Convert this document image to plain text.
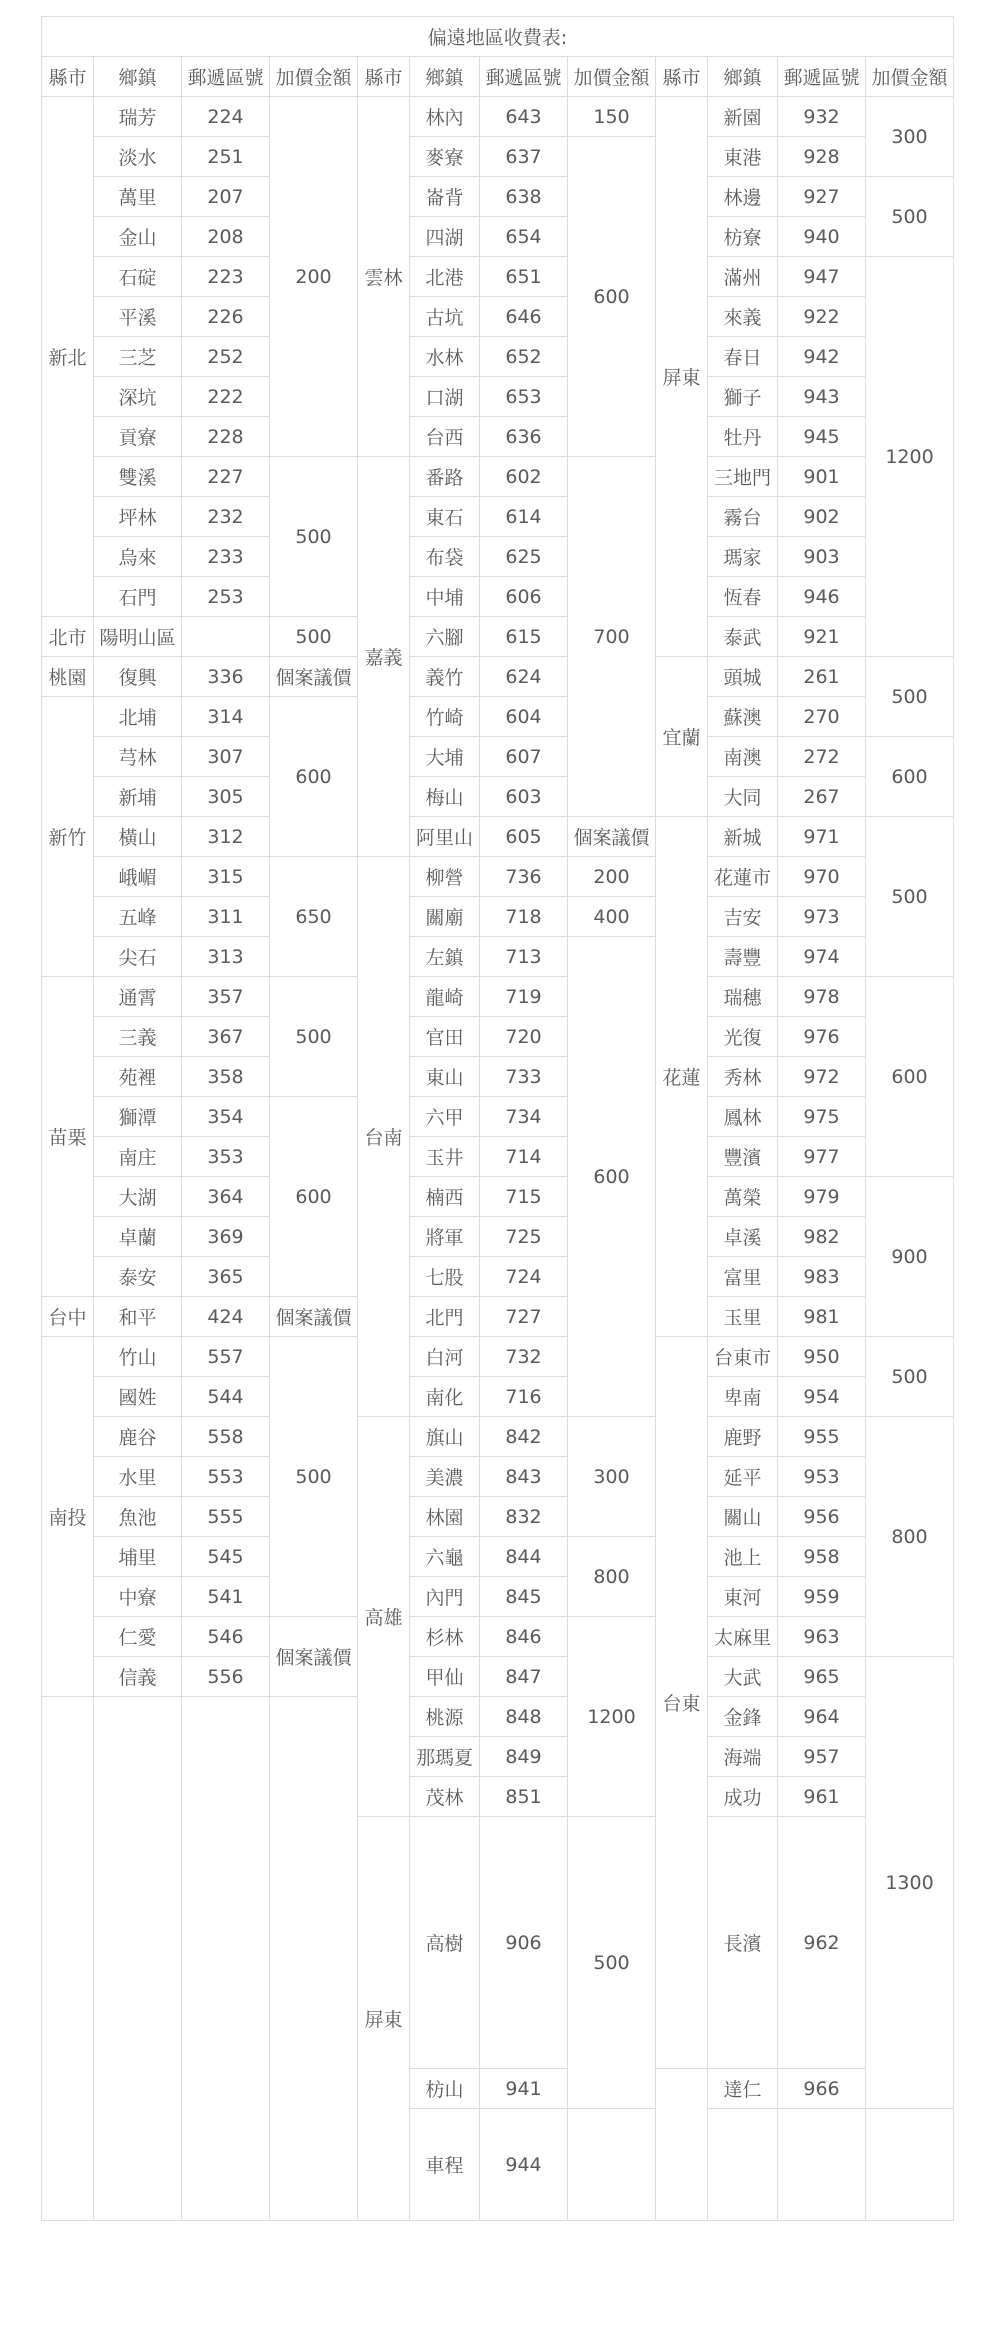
偏遠地區收費表:											
縣市	鄉鎮	郵遞區號	加價金額	縣市	鄉鎮	郵遞區號	加價金額	縣市	鄉鎮	郵遞區號	加價金額
新北	瑞芳	224	200	雲林	林內	643	150	屏東	新園	932	300
	淡水	251			麥寮	637	600		東港	928	
	萬里	207			崙背	638			林邊	927	500
	金山	208			四湖	654			枋寮	940	
	石碇	223			北港	651			滿州	947	1200
	平溪	226			古坑	646			來義	922	
	三芝	252			水林	652			春日	942	
	深坑	222			口湖	653			獅子	943	
	貢寮	228			台西	636			牡丹	945	
	雙溪	227	500	嘉義	番路	602	700		三地門	901	
	坪林	232			東石	614			霧台	902	
	烏來	233			布袋	625			瑪家	903	
	石門	253			中埔	606			恆春	946	
北市	陽明山區		500		六腳	615			泰武	921	
桃園	復興	336	個案議價		義竹	624		宜蘭	頭城	261	500
新竹	北埔	314	600		竹崎	604			蘇澳	270	
	芎林	307			大埔	607			南澳	272	600
	新埔	305			梅山	603			大同	267	
	橫山	312			阿里山	605	個案議價	花蓮	新城	971	500
	峨嵋	315	650	台南	柳營	736	200		花蓮市	970	
	五峰	311			關廟	718	400		吉安	973	
	尖石	313			左鎮	713	600		壽豐	974	
苗栗	通霄	357	500		龍崎	719			瑞穗	978	600
	三義	367			官田	720			光復	976	
	苑裡	358			東山	733			秀林	972	
	獅潭	354	600		六甲	734			鳳林	975	
	南庄	353			玉井	714			豐濱	977	
	大湖	364			楠西	715			萬榮	979	900
	卓蘭	369			將軍	725			卓溪	982	
	泰安	365			七股	724			富里	983	
台中	和平	424	個案議價		北門	727			玉里	981	
南投	竹山	557	500		白河	732		台東	台東市	950	500
	國姓	544			南化	716			卑南	954	
	鹿谷	558		高雄	旗山	842	300		鹿野	955	800
	水里	553			美濃	843			延平	953	
	魚池	555			林園	832			關山	956	
	埔里	545			六龜	844	800		池上	958	
	中寮	541			內門	845			東河	959	
	仁愛	546	個案議價		杉林	846	1200		太麻里	963	
	信義	556			甲仙	847			大武	965	1300
					桃源	848			金鋒	964	
					那瑪夏	849			海端	957	
					茂林	851			成功	961	
				屏東	高樹	906	500		長濱	962	
					枋山	941			達仁	966	
					車程	944					
